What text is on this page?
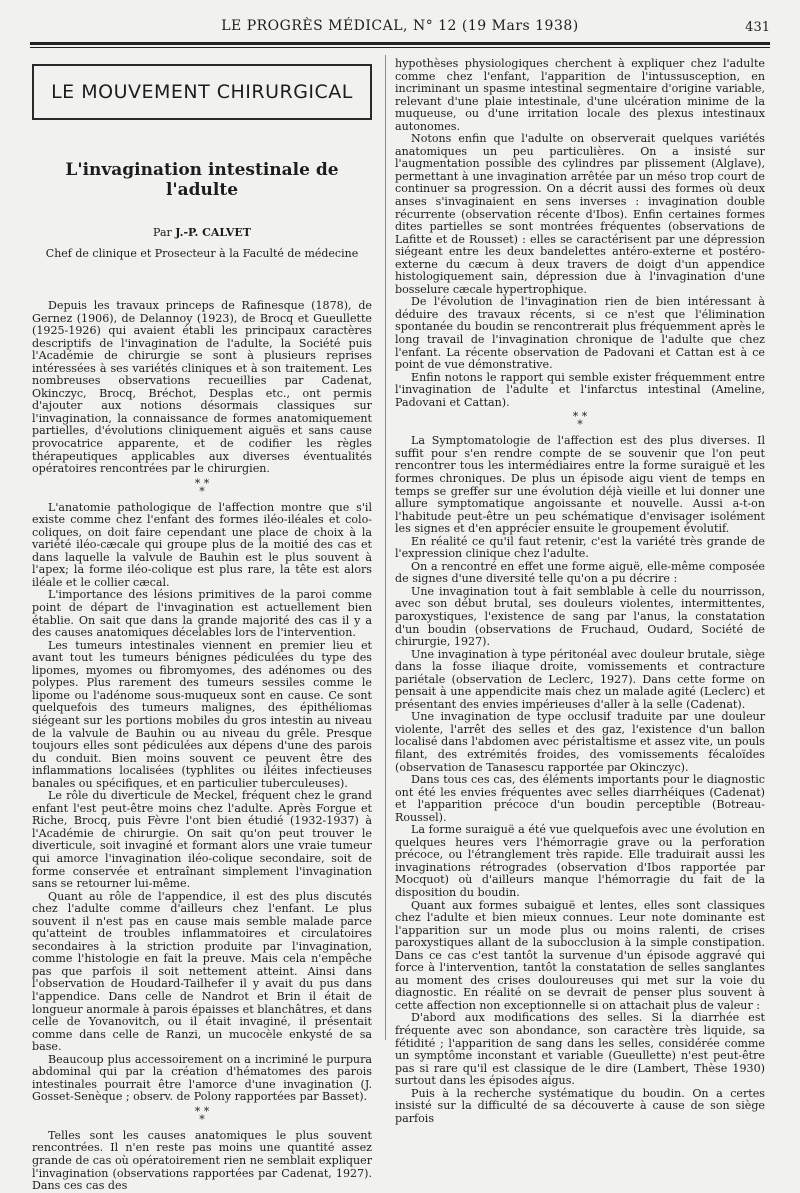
LE PROGRÈS MÉDICAL, N° 12 (19 Mars 1938)	431
LE MOUVEMENT CHIRURGICAL
L'invagination intestinale de l'adulte
Par J.-P. CALVET
Chef de clinique et Prosecteur à la Faculté de médecine

Depuis les travaux princeps de Rafinesque (1878), de Gernez (1906), de Delannoy (1923), de Brocq et Gueullette (1925-1926) qui avaient établi les principaux caractères descriptifs de l'invagination de l'adulte, la Société puis l'Académie de chirurgie se sont à plusieurs reprises intéressées à ses variétés cliniques et à son traitement. Les nombreuses observations recueillies par Cadenat, Okinczyc, Brocq, Bréchot, Desplas etc., ont permis d'ajouter aux notions désormais classiques sur l'invagination, la connaissance de formes anatomiquement partielles, d'évolutions cliniquement aiguës et sans cause provocatrice apparente, et de codifier les règles thérapeutiques applicables aux diverses éventualités opératoires rencontrées par le chirurgien.

* *
*

L'anatomie pathologique de l'affection montre que s'il existe comme chez l'enfant des formes iléo-iléales et colo-coliques, on doit faire cependant une place de choix à la variété iléo-cæcale qui groupe plus de la moitié des cas et dans laquelle la valvule de Bauhin est le plus souvent à l'apex; la forme iléo-colique est plus rare, la tête est alors iléale et le collier cæcal.

L'importance des lésions primitives de la paroi comme point de départ de l'invagination est actuellement bien établie. On sait que dans la grande majorité des cas il y a des causes anatomiques décelables lors de l'intervention.

Les tumeurs intestinales viennent en premier lieu et avant tout les tumeurs bénignes pédiculées du type des lipomes, myomes ou fibromyomes, des adénomes ou des polypes. Plus rarement des tumeurs sessiles comme le lipome ou l'adénome sous-muqueux sont en cause. Ce sont quelquefois des tumeurs malignes, des épithéliomas siégeant sur les portions mobiles du gros intestin au niveau de la valvule de Bauhin ou au niveau du grêle. Presque toujours elles sont pédiculées aux dépens d'une des parois du conduit. Bien moins souvent ce peuvent être des inflammations localisées (typhlites ou iléites infectieuses banales ou spécifiques, et en particulier tuberculeuses).

Le rôle du diverticule de Meckel, fréquent chez le grand enfant l'est peut-être moins chez l'adulte. Après Forgue et Riche, Brocq, puis Fèvre l'ont bien étudié (1932-1937) à l'Académie de chirurgie. On sait qu'on peut trouver le diverticule, soit invaginé et formant alors une vraie tumeur qui amorce l'invagination iléo-colique secondaire, soit de forme conservée et entraînant simplement l'invagination sans se retourner lui-même.

Quant au rôle de l'appendice, il est des plus discutés chez l'adulte comme d'ailleurs chez l'enfant. Le plus souvent il n'est pas en cause mais semble malade parce qu'atteint de troubles inflammatoires et circulatoires secondaires à la striction produite par l'invagination, comme l'histologie en fait la preuve. Mais cela n'empêche pas que parfois il soit nettement atteint. Ainsi dans l'observation de Houdard-Tailhefer il y avait du pus dans l'appendice. Dans celle de Nandrot et Brin il était de longueur anormale à parois épaisses et blanchâtres, et dans celle de Yovanovitch, ou il était invaginé, il présentait comme dans celle de Ranzi, un mucocèle enkysté de sa base.

Beaucoup plus accessoirement on a incriminé le purpura abdominal qui par la création d'hématomes des parois intestinales pourrait être l'amorce d'une invagination (J. Gosset-Senèque ; observ. de Polony rapportées par Basset).

* *
*

Telles sont les causes anatomiques le plus souvent rencontrées. Il n'en reste pas moins une quantité assez grande de cas où opératoirement rien ne semblait expliquer l'invagination (observations rapportées par Cadenat, 1927). Dans ces cas des

hypothèses physiologiques cherchent à expliquer chez l'adulte comme chez l'enfant, l'apparition de l'intussusception, en incriminant un spasme intestinal segmentaire d'origine variable, relevant d'une plaie intestinale, d'une ulcération minime de la muqueuse, ou d'une irritation locale des plexus intestinaux autonomes.

Notons enfin que l'adulte on observerait quelques variétés anatomiques un peu particulières. On a insisté sur l'augmentation possible des cylindres par plissement (Alglave), permettant à une invagination arrêtée par un méso trop court de continuer sa progression. On a décrit aussi des formes où deux anses s'invaginaient en sens inverses : invagination double récurrente (observation récente d'Ibos). Enfin certaines formes dites partielles se sont montrées fréquentes (observations de Lafitte et de Rousset) : elles se caractérisent par une dépression siégeant entre les deux bandelettes antéro-externe et postéro-externe du cæcum à deux travers de doigt d'un appendice histologiquement sain, dépression due à l'invagination d'une bosselure cæcale hypertrophique.

De l'évolution de l'invagination rien de bien intéressant à déduire des travaux récents, si ce n'est que l'élimination spontanée du boudin se rencontrerait plus fréquemment après le long travail de l'invagination chronique de l'adulte que chez l'enfant. La récente observation de Padovani et Cattan est à ce point de vue démonstrative.

Enfin notons le rapport qui semble exister fréquemment entre l'invagination de l'adulte et l'infarctus intestinal (Ameline, Padovani et Cattan).

* *
*

La Symptomatologie de l'affection est des plus diverses. Il suffit pour s'en rendre compte de se souvenir que l'on peut rencontrer tous les intermédiaires entre la forme suraiguë et les formes chroniques. De plus un épisode aigu vient de temps en temps se greffer sur une évolution déjà vieille et lui donner une allure symptomatique angoissante et nouvelle. Aussi a-t-on l'habitude peut-être un peu schématique d'envisager isolément les signes et d'en apprécier ensuite le groupement évolutif.

En réalité ce qu'il faut retenir, c'est la variété très grande de l'expression clinique chez l'adulte.

On a rencontré en effet une forme aiguë, elle-même composée de signes d'une diversité telle qu'on a pu décrire :

Une invagination tout à fait semblable à celle du nourrisson, avec son début brutal, ses douleurs violentes, intermittentes, paroxystiques, l'existence de sang par l'anus, la constatation d'un boudin (observations de Fruchaud, Oudard, Société de chirurgie, 1927).

Une invagination à type péritonéal avec douleur brutale, siège dans la fosse iliaque droite, vomissements et contracture pariétale (observation de Leclerc, 1927). Dans cette forme on pensait à une appendicite mais chez un malade agité (Leclerc) et présentant des envies impérieuses d'aller à la selle (Cadenat).

Une invagination de type occlusif traduite par une douleur violente, l'arrêt des selles et des gaz, l'existence d'un ballon localisé dans l'abdomen avec péristaltisme et assez vite, un pouls filant, des extrémités froides, des vomissements fécaloïdes (observation de Tanasescu rapportée par Okinczyc).

Dans tous ces cas, des éléments importants pour le diagnostic ont été les envies fréquentes avec selles diarrhéiques (Cadenat) et l'apparition précoce d'un boudin perceptible (Botreau-Roussel).

La forme suraiguë a été vue quelquefois avec une évolution en quelques heures vers l'hémorragie grave ou la perforation précoce, ou l'étranglement très rapide. Elle traduirait aussi les invaginations rétrogrades (observation d'Ibos rapportée par Mocquot) où d'ailleurs manque l'hémorragie du fait de la disposition du boudin.

Quant aux formes subaiguë et lentes, elles sont classiques chez l'adulte et bien mieux connues. Leur note dominante est l'apparition sur un mode plus ou moins ralenti, de crises paroxystiques allant de la subocclusion à la simple constipation. Dans ce cas c'est tantôt la survenue d'un épisode aggravé qui force à l'intervention, tantôt la constatation de selles sanglantes au moment des crises douloureuses qui met sur la voie du diagnostic. En réalité on se devrait de penser plus souvent à cette affection non exceptionnelle si on attachait plus de valeur :

D'abord aux modifications des selles. Si la diarrhée est fréquente avec son abondance, son caractère très liquide, sa fétidité ; l'apparition de sang dans les selles, considérée comme un symptôme inconstant et variable (Gueullette) n'est peut-être pas si rare qu'il est classique de le dire (Lambert, Thèse 1930) surtout dans les épisodes aigus.

Puis à la recherche systématique du boudin. On a certes insisté sur la difficulté de sa découverte à cause de son siège parfois
